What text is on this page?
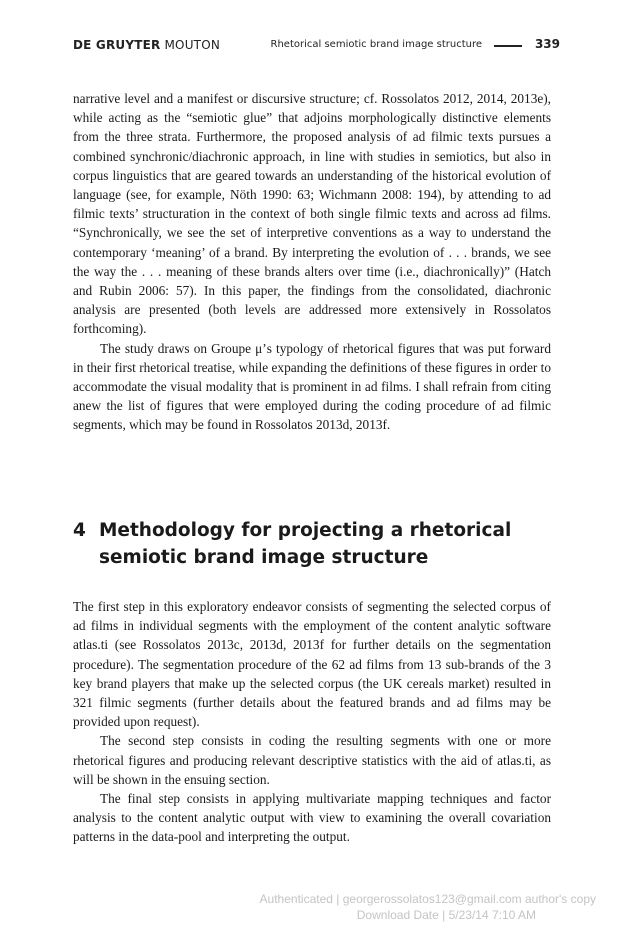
DE GRUYTER MOUTON	Rhetorical semiotic brand image structure	339

narrative level and a manifest or discursive structure; cf. Rossolatos 2012, 2014, 2013e), while acting as the “semiotic glue” that adjoins morphologically distinctive elements from the three strata. Furthermore, the proposed analysis of ad filmic texts pursues a combined synchronic/diachronic approach, in line with studies in semiotics, but also in corpus linguistics that are geared towards an understanding of the historical evolution of language (see, for example, Nöth 1990: 63; Wichmann 2008: 194), by attending to ad filmic texts’ structuration in the context of both single filmic texts and across ad films. “Synchronically, we see the set of interpretive conventions as a way to understand the contemporary ‘meaning’ of a brand. By interpreting the evolution of . . . brands, we see the way the . . . meaning of these brands alters over time (i.e., diachronically)” (Hatch and Rubin 2006: 57). In this paper, the findings from the consolidated, diachronic analysis are presented (both levels are addressed more extensively in Rossolatos forthcoming).

The study draws on Groupe μ’s typology of rhetorical figures that was put forward in their first rhetorical treatise, while expanding the definitions of these figures in order to accommodate the visual modality that is prominent in ad films. I shall refrain from citing anew the list of figures that were employed during the coding procedure of ad filmic segments, which may be found in Rossolatos 2013d, 2013f.

4 Methodology for projecting a rhetorical semiotic brand image structure

The first step in this exploratory endeavor consists of segmenting the selected corpus of ad films in individual segments with the employment of the content analytic software atlas.ti (see Rossolatos 2013c, 2013d, 2013f for further details on the segmentation procedure). The segmentation procedure of the 62 ad films from 13 sub-brands of the 3 key brand players that make up the selected corpus (the UK cereals market) resulted in 321 filmic segments (further details about the featured brands and ad films may be provided upon request).

The second step consists in coding the resulting segments with one or more rhetorical figures and producing relevant descriptive statistics with the aid of atlas.ti, as will be shown in the ensuing section.

The final step consists in applying multivariate mapping techniques and factor analysis to the content analytic output with view to examining the overall covariation patterns in the data-pool and interpreting the output.

Authenticated | georgerossolatos123@gmail.com author's copy
Download Date | 5/23/14 7:10 AM
